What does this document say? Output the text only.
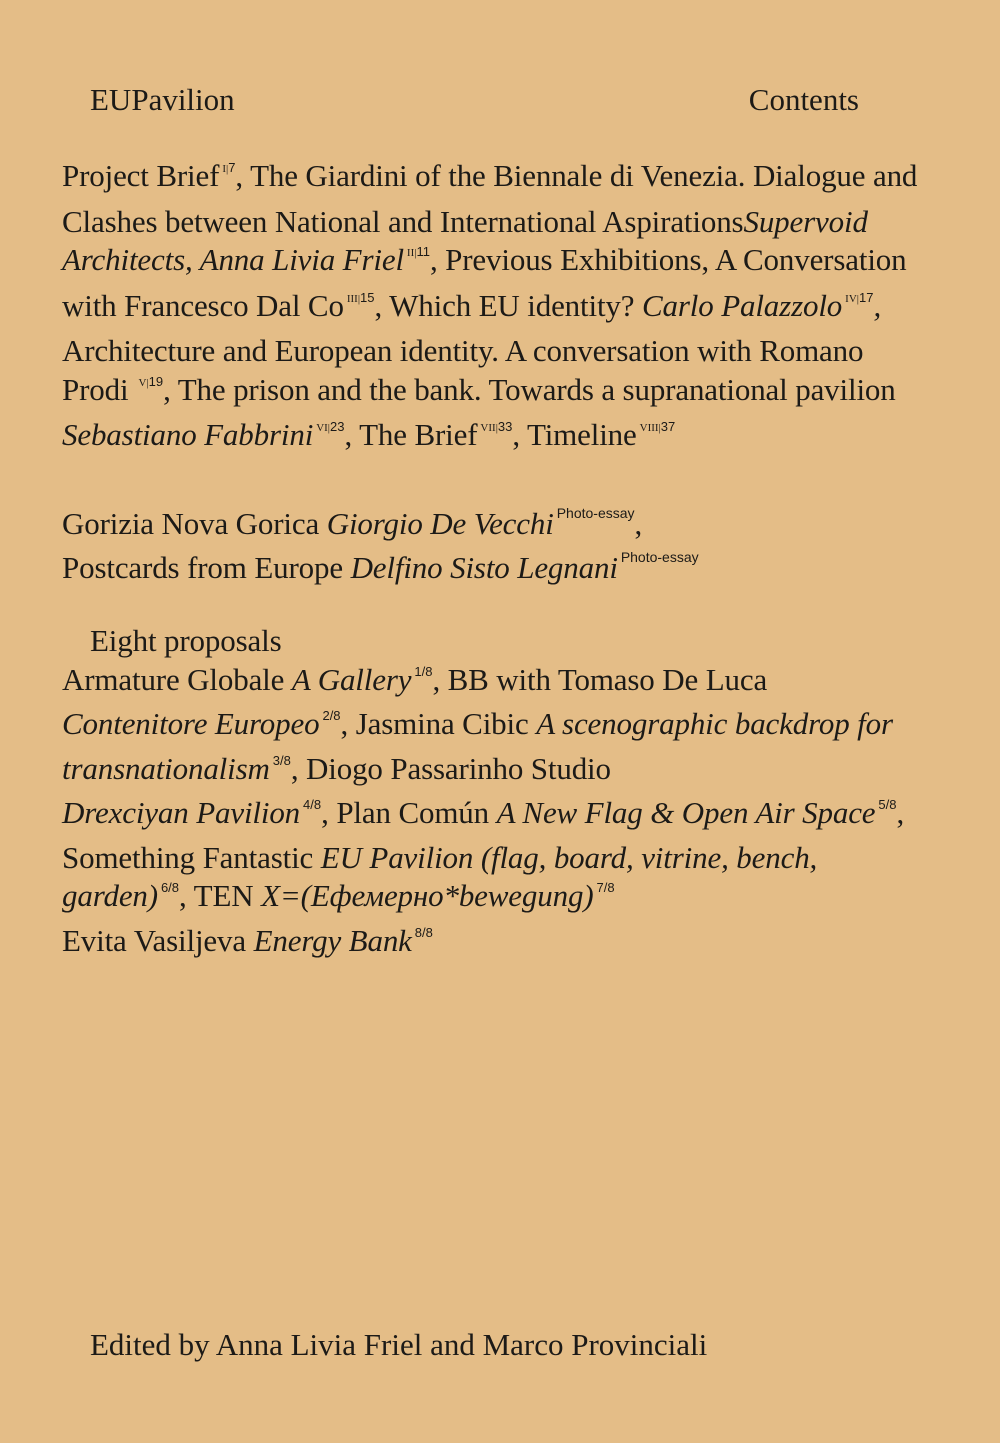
EUPavilion	Contents
Project Brief $^{I|7}$, The Giardini of the Biennale di Venezia. Dialogue and Clashes between National and International AspirationsSupervoid Architects, Anna Livia Friel $^{II|11}$, Previous Exhibitions, A Conversation with Francesco Dal Co $^{III|15}$, Which EU identity? Carlo Palazzolo $^{IV|17}$, Architecture and European identity. A conversation with Romano Prodi $^{V|19}$, The prison and the bank. Towards a supranational pavilion
Sebastiano Fabbrini $^{VI|23}$, The Brief $^{VII|33}$, Timeline $^{VIII|37}$
Gorizia Nova Gorica Giorgio De Vecchi $^{Photo-essay}$,
Postcards from Europe Delfino Sisto Legnani $^{Photo-essay}$
Eight proposals
Armature Globale A Gallery $^{1/8}$, BB with Tomaso De Luca
Contenitore Europeo $^{2/8}$, Jasmina Cibic A scenographic backdrop for transnationalism $^{3/8}$, Diogo Passarinho Studio
Drexciyan Pavilion $^{4/8}$, Plan Común A New Flag & Open Air Space $^{5/8}$, Something Fantastic EU Pavilion (flag, board, vitrine, bench, garden) $^{6/8}$, TEN X=(Ефемерно*bewegung) $^{7/8}$
Evita Vasiljeva Energy Bank $^{8/8}$
Edited by Anna Livia Friel and Marco Provinciali
